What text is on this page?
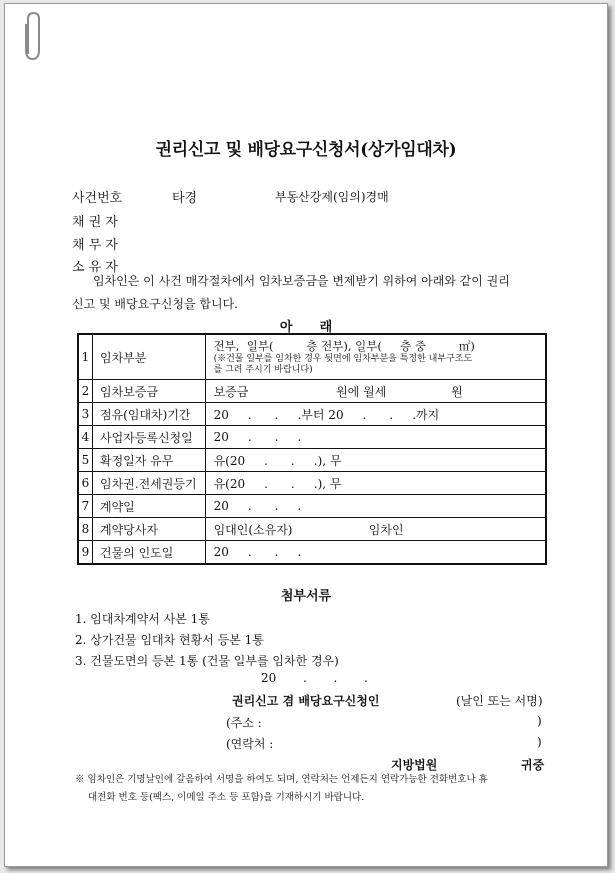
권리신고 및 배당요구신청서(상가임대차)
사건번호	타경	부동산강제(임의)경매
채 권 자
채 무 자
소 유 자
임차인은 이 사건 매각절차에서 임차보증금을 변제받기 위하여 아래와 같이 권리
신고 및 배당요구신청을 합니다.
아      래
1	임차부분	전부,  일부(         층 전부), 일부(     층 중         ㎡)
(※건물 일부를 임차한 경우 뒷면에 임차부분을 특정한 내부구조도
를 그려 주시기 바랍니다)

2	임차보증금	보증금                       원에 월세                 원
3	점유(임대차)기간	20     .      .     .부터 20     .      .     .까지
4	사업자등록신청일	20     .      .     .
5	확정일자 유무	유(20     .      .     .), 무
6	임차권.전세권등기	유(20     .      .     .), 무
7	계약일	20     .      .     .
8	계약당사자	임대인(소유자)                    임차인
9	건물의 인도일	20     .      .     .
첨부서류
1. 임대차계약서 사본 1통
2. 상가건물 임대차 현황서 등본 1통
3. 건물도면의 등본 1통 (건물 일부를 임차한 경우)
20       .       .       .
권리신고 겸 배당요구신청인	(날인 또는 서명)
(주소 :	)
(연락처 :	)
지방법원	귀중
※ 임차인은 기명날인에 갈음하여 서명을 하여도 되며, 연락처는 언제든지 연락가능한 전화번호나 휴
대전화 번호 등(팩스, 이메일 주소 등 포함)을 기재하시기 바랍니다.
